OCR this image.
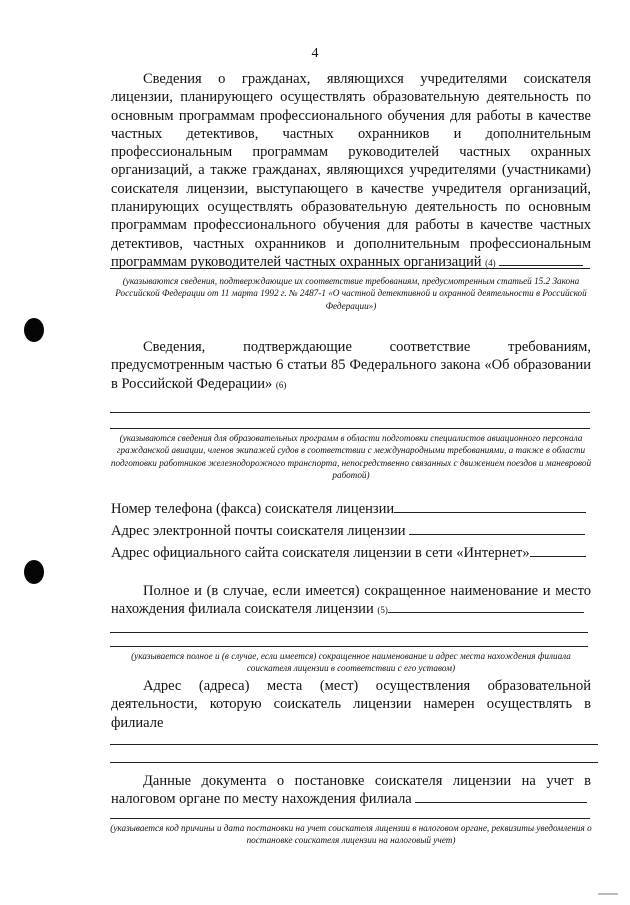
4
Сведения о гражданах, являющихся учредителями соискателя лицензии, планирующего осуществлять образовательную деятельность по основным программам профессионального обучения для работы в качестве частных детективов, частных охранников и дополнительным профессиональным программам руководителей частных охранных организаций, а также гражданах, являющихся учредителями (участниками) соискателя лицензии, выступающего в качестве учредителя организаций, планирующих осуществлять образовательную деятельность по основным программам профессионального обучения для работы в качестве частных детективов, частных охранников и дополнительным профессиональным программам руководителей частных охранных организаций (4)
(указываются сведения, подтверждающие их соответствие требованиям, предусмотренным статьей 15.2 Закона Российской Федерации от 11 марта 1992 г. № 2487-1 «О частной детективной и охранной деятельности в Российской Федерации»)
Сведения, подтверждающие соответствие требованиям, предусмотренным частью 6 статьи 85 Федерального закона «Об образовании в Российской Федерации» (6)
(указываются сведения для образовательных программ в области подготовки специалистов авиационного персонала гражданской авиации, членов экипажей судов в соответствии с международными требованиями, а также в области подготовки работников железнодорожного транспорта, непосредственно связанных с движением поездов и маневровой работой)
Номер телефона (факса) соискателя лицензии
Адрес электронной почты соискателя лицензии
Адрес официального сайта соискателя лицензии в сети «Интернет»
Полное и (в случае, если имеется) сокращенное наименование и место нахождения филиала соискателя лицензии (5)
(указывается полное и (в случае, если имеется) сокращенное наименование и адрес места нахождения филиала соискателя лицензии в соответствии с его уставом)
Адрес (адреса) места (мест) осуществления образовательной деятельности, которую соискатель лицензии намерен осуществлять в филиале
Данные документа о постановке соискателя лицензии на учет в налоговом органе по месту нахождения филиала
(указывается код причины и дата постановки на учет соискателя лицензии в налоговом органе, реквизиты уведомления о постановке соискателя лицензии на налоговый учет)
